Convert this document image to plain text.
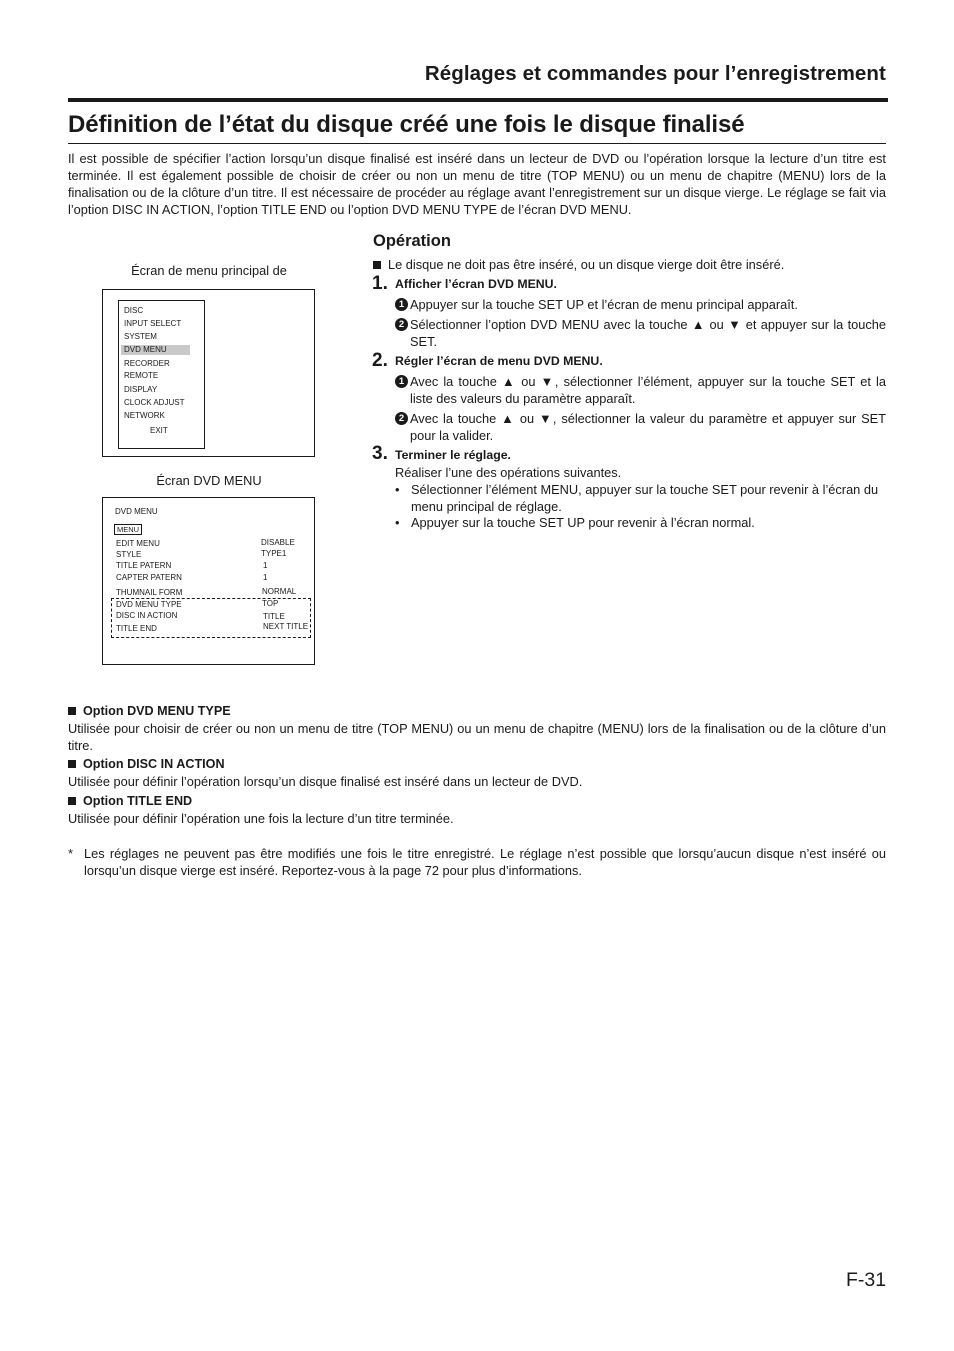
Réglages et commandes pour l’enregistrement
Définition de l’état du disque créé une fois le disque finalisé
Il est possible de spécifier l’action lorsqu’un disque finalisé est inséré dans un lecteur de DVD ou l’opération lorsque la lecture d’un titre est terminée. Il est également possible de choisir de créer ou non un menu de titre (TOP MENU) ou un menu de chapitre (MENU) lors de la finalisation ou de la clôture d’un titre. Il est nécessaire de procéder au réglage avant l’enregistrement sur un disque vierge. Le réglage se fait via l’option DISC IN ACTION, l’option TITLE END ou l’option DVD MENU TYPE de l’écran DVD MENU.
Écran de menu principal de
DISC
INPUT SELECT
SYSTEM
DVD MENU
RECORDER
REMOTE
DISPLAY
CLOCK ADJUST
NETWORK
EXIT
Écran DVD MENU
DVD MENU
MENU
EDIT MENU	DISABLE
STYLE	TYPE1
TITLE PATERN	1
CAPTER PATERN	1
THUMNAIL FORM	NORMAL
DVD MENU TYPE	TOP
DISC IN ACTION	TITLE
TITLE END	NEXT TITLE
Opération
Le disque ne doit pas être inséré, ou un disque vierge doit être inséré.
1. Afficher l’écran DVD MENU.
1 Appuyer sur la touche SET UP et l’écran de menu principal apparaît.
2 Sélectionner l’option DVD MENU avec la touche ▲ ou ▼ et appuyer sur la touche SET.
2. Régler l’écran de menu DVD MENU.
1 Avec la touche ▲ ou ▼, sélectionner l’élément, appuyer sur la touche SET et la liste des valeurs du paramètre apparaît.
2 Avec la touche ▲ ou ▼, sélectionner la valeur du paramètre et appuyer sur SET pour la valider.
3. Terminer le réglage.
Réaliser l’une des opérations suivantes.
• Sélectionner l’élément MENU, appuyer sur la touche SET pour revenir à l’écran du menu principal de réglage.
• Appuyer sur la touche SET UP pour revenir à l’écran normal.
Option DVD MENU TYPE
Utilisée pour choisir de créer ou non un menu de titre (TOP MENU) ou un menu de chapitre (MENU) lors de la finalisation ou de la clôture d’un titre.
Option DISC IN ACTION
Utilisée pour définir l’opération lorsqu’un disque finalisé est inséré dans un lecteur de DVD.
Option TITLE END
Utilisée pour définir l’opération une fois la lecture d’un titre terminée.
* Les réglages ne peuvent pas être modifiés une fois le titre enregistré. Le réglage n’est possible que lorsqu’aucun disque n’est inséré ou lorsqu’un disque vierge est inséré. Reportez-vous à la page 72 pour plus d’informations.
F-31
